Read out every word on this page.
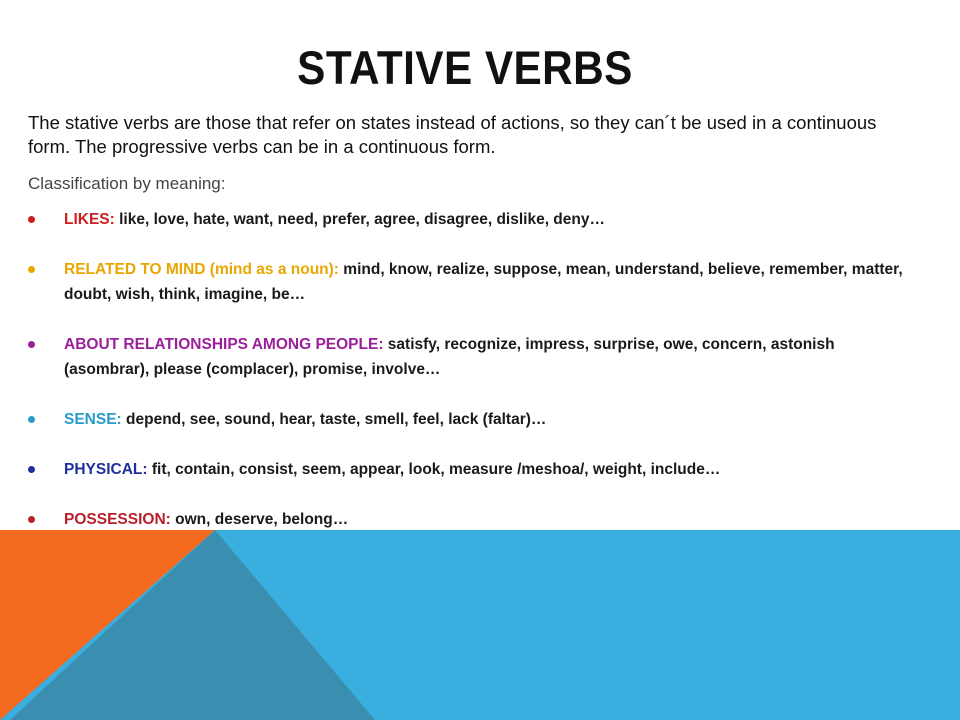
STATIVE VERBS

The stative verbs are those that refer on states instead of actions, so they can´t be used in a continuous form. The progressive verbs can be in a continuous form.

Classification by meaning:

LIKES: like, love, hate, want, need, prefer, agree, disagree, dislike, deny…
RELATED TO MIND (mind as a noun): mind, know, realize, suppose, mean, understand, believe, remember, matter, doubt, wish, think, imagine, be…
ABOUT RELATIONSHIPS AMONG PEOPLE: satisfy, recognize, impress, surprise, owe, concern, astonish (asombrar), please (complacer), promise, involve…
SENSE: depend, see, sound, hear, taste, smell, feel, lack (faltar)…
PHYSICAL: fit, contain, consist, seem, appear, look, measure /meshoa/, weight, include…
POSSESSION: own, deserve, belong…
